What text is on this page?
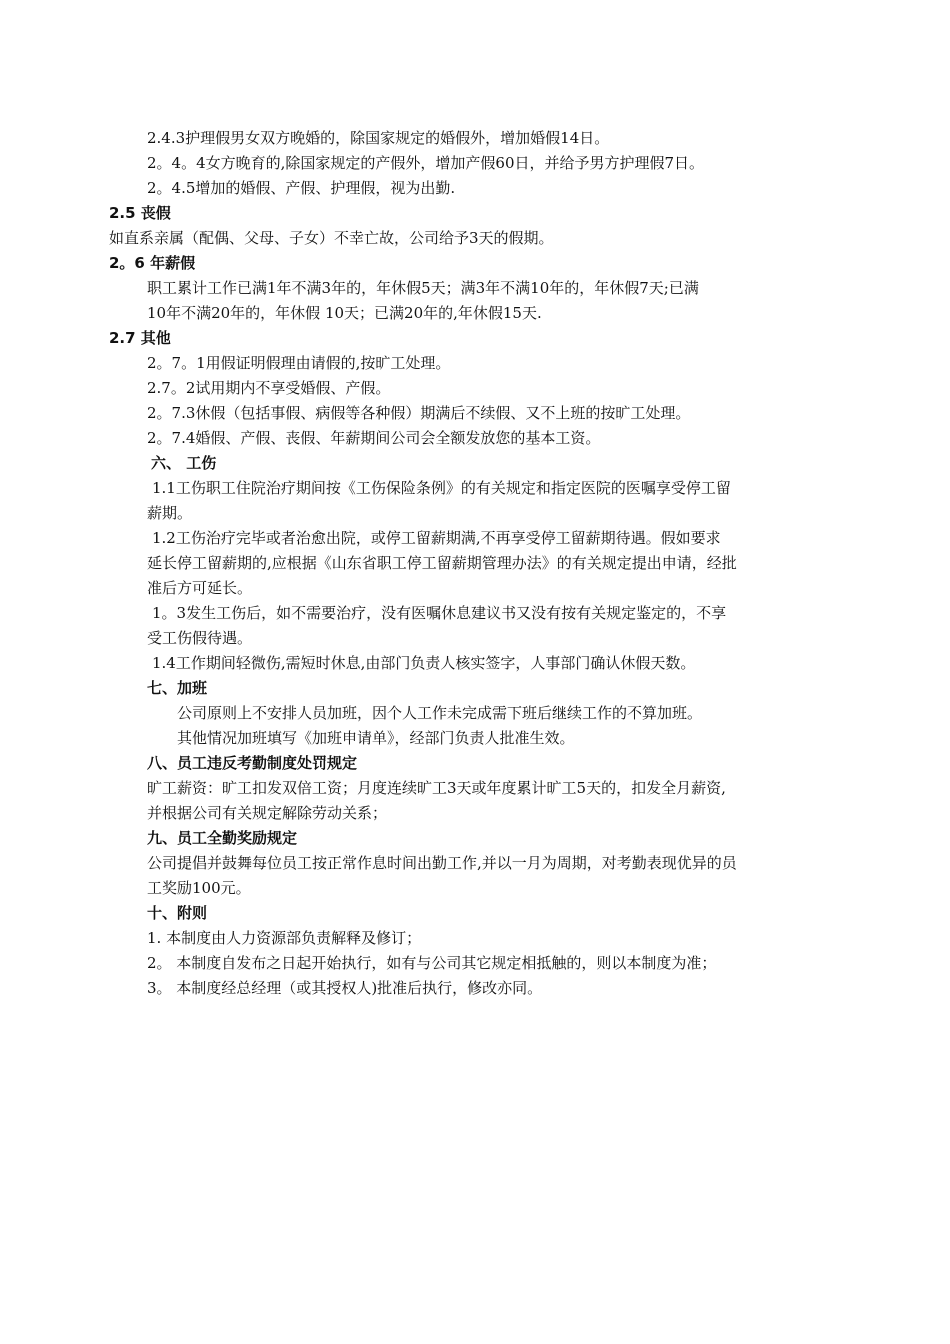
2.4.3护理假男女双方晚婚的，除国家规定的婚假外，增加婚假14日。
2。4。4女方晚育的,除国家规定的产假外，增加产假60日，并给予男方护理假7日。
2。4.5增加的婚假、产假、护理假，视为出勤.
2.5 丧假
如直系亲属（配偶、父母、子女）不幸亡故，公司给予3天的假期。
2。6 年薪假
职工累计工作已满1年不满3年的，年休假5天；满3年不满10年的，年休假7天;已满
10年不满20年的，年休假 10天；已满20年的,年休假15天.
2.7 其他
2。7。1用假证明假理由请假的,按旷工处理。
2.7。2试用期内不享受婚假、产假。
2。7.3休假（包括事假、病假等各种假）期满后不续假、又不上班的按旷工处理。
2。7.4婚假、产假、丧假、年薪期间公司会全额发放您的基本工资。
六、 工伤
1.1工伤职工住院治疗期间按《工伤保险条例》的有关规定和指定医院的医嘱享受停工留
薪期。
1.2工伤治疗完毕或者治愈出院，或停工留薪期满,不再享受停工留薪期待遇。假如要求
延长停工留薪期的,应根据《山东省职工停工留薪期管理办法》的有关规定提出申请，经批
准后方可延长。
1。3发生工伤后，如不需要治疗，没有医嘱休息建议书又没有按有关规定鉴定的，不享
受工伤假待遇。
1.4工作期间轻微伤,需短时休息,由部门负责人核实签字，人事部门确认休假天数。
七、加班
公司原则上不安排人员加班，因个人工作未完成需下班后继续工作的不算加班。
其他情况加班填写《加班申请单》，经部门负责人批准生效。
八、员工违反考勤制度处罚规定
旷工薪资：旷工扣发双倍工资；月度连续旷工3天或年度累计旷工5天的，扣发全月薪资,
并根据公司有关规定解除劳动关系；
九、员工全勤奖励规定
公司提倡并鼓舞每位员工按正常作息时间出勤工作,并以一月为周期，对考勤表现优异的员
工奖励100元。
十、附则
1. 本制度由人力资源部负责解释及修订；
2。 本制度自发布之日起开始执行，如有与公司其它规定相抵触的，则以本制度为准；
3。 本制度经总经理（或其授权人)批准后执行，修改亦同。
